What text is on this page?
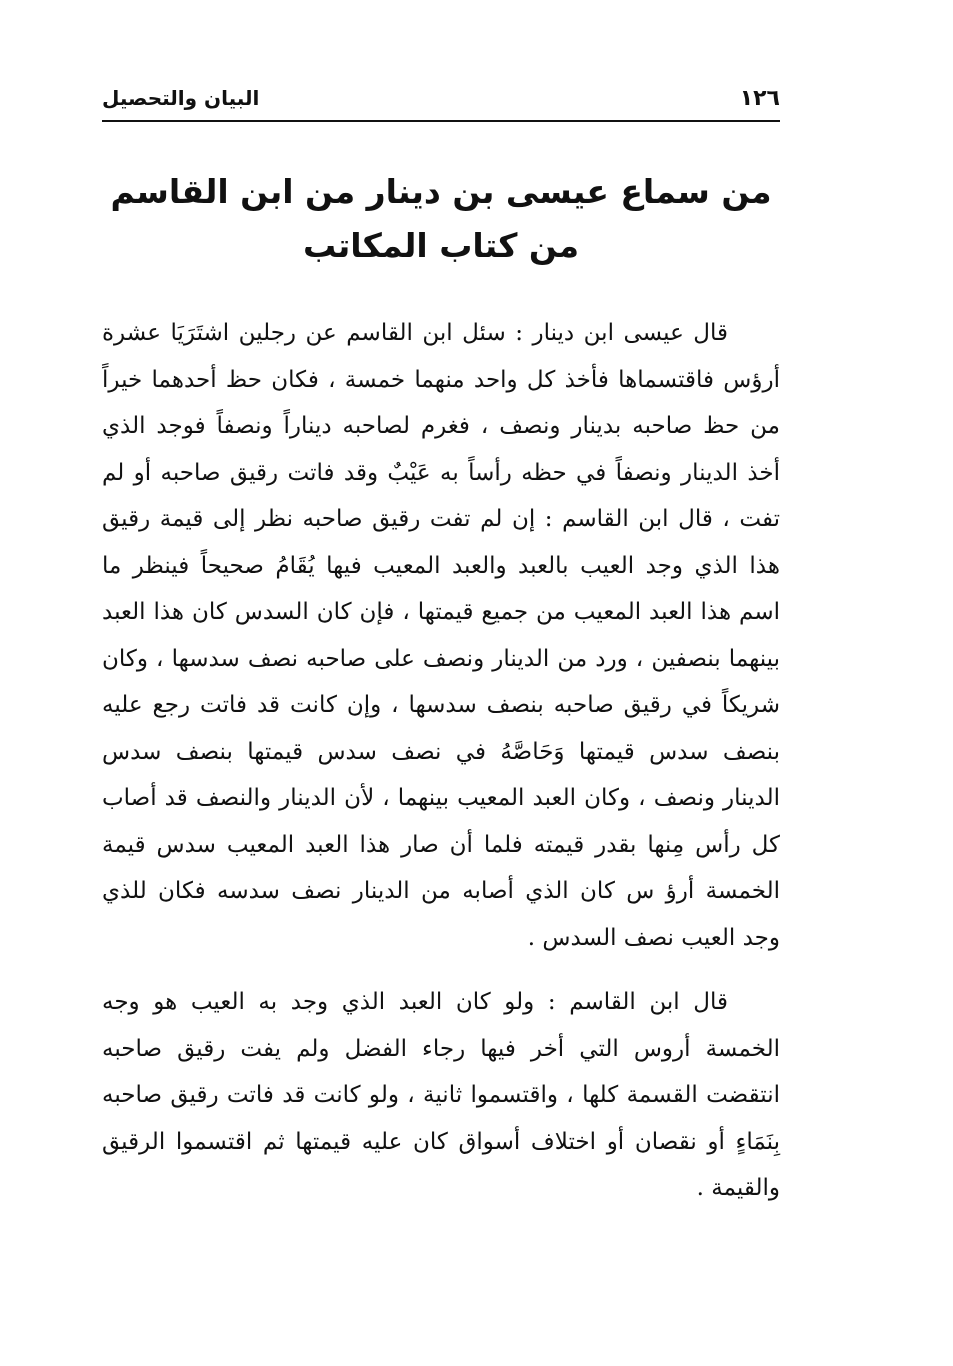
١٢٦
البيان والتحصيل
من سماع عيسى بن دينار من ابن القاسم من كتاب المكاتب

قال عيسى ابن دينار : سئل ابن القاسم عن رجلين اشتَرَيَا عشرة أرؤس فاقتسماها فأخذ كل واحد منهما خمسة ، فكان حظ أحدهما خيراً من حظ صاحبه بدينار ونصف ، فغرم لصاحبه ديناراً ونصفاً فوجد الذي أخذ الدينار ونصفاً في حظه رأساً به عَيْبٌ وقد فاتت رقيق صاحبه أو لم تفت ، قال ابن القاسم : إن لم تفت رقيق صاحبه نظر إلى قيمة رقيق هذا الذي وجد العيب بالعبد والعبد المعيب فيها يُقَامُ صحيحاً فينظر ما اسم هذا العبد المعيب من جميع قيمتها ، فإن كان السدس كان هذا العبد بينهما بنصفين ، ورد من الدينار ونصف على صاحبه نصف سدسها ، وكان شريكاً في رقيق صاحبه بنصف سدسها ، وإن كانت قد فاتت رجع عليه بنصف سدس قيمتها وَحَاصَّهُ في نصف سدس قيمتها بنصف سدس الدينار ونصف ، وكان العبد المعيب بينهما ، لأن الدينار والنصف قد أصاب كل رأس مِنها بقدر قيمته فلما أن صار هذا العبد المعيب سدس قيمة الخمسة أرؤ س كان الذي أصابه من الدينار نصف سدسه فكان للذي وجد العيب نصف السدس .

قال ابن القاسم : ولو كان العبد الذي وجد به العيب هو وجه الخمسة أروس التي أخر فيها رجاء الفضل ولم يفت رقيق صاحبه انتقضت القسمة كلها ، واقتسموا ثانية ، ولو كانت قد فاتت رقيق صاحبه بِنَمَاءٍ أو نقصان أو اختلاف أسواق كان عليه قيمتها ثم اقتسموا الرقيق والقيمة .
